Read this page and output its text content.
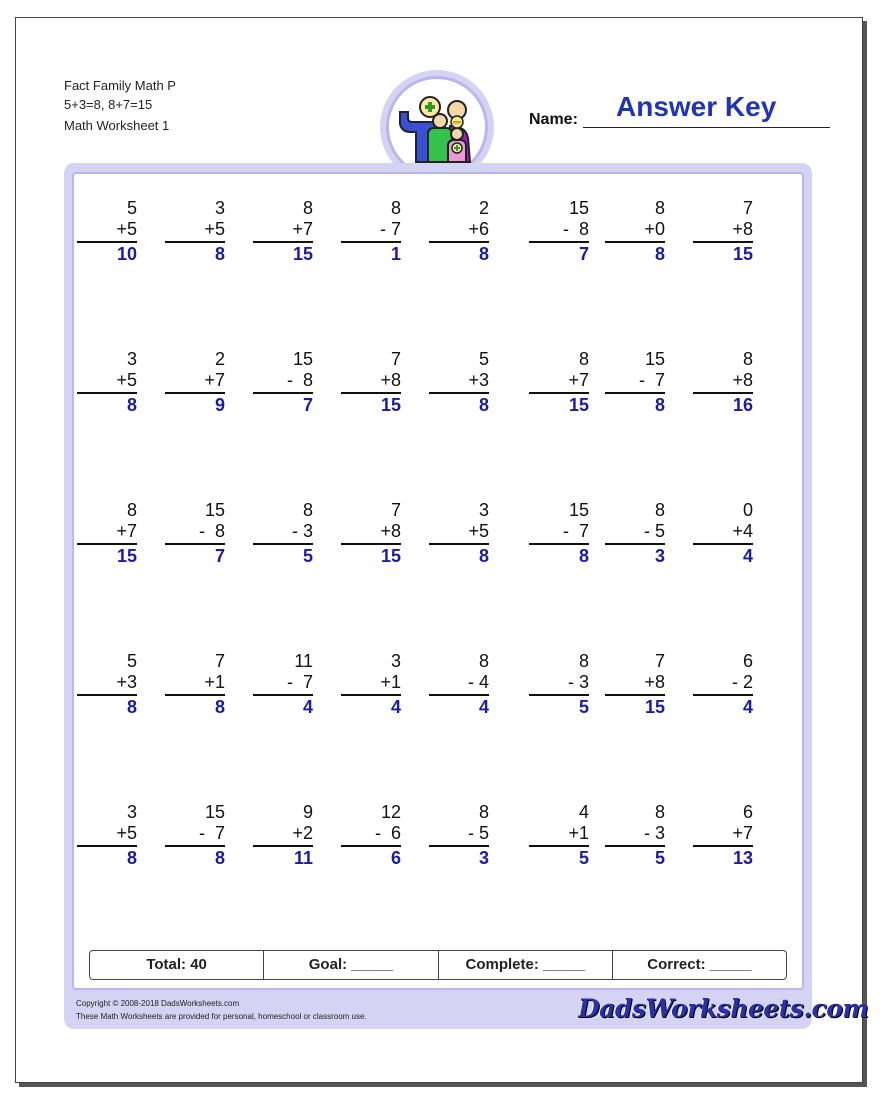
Fact Family Math P
5+3=8, 8+7=15
Math Worksheet 1	Name: Answer Key
5
+5
10
3
+5
8
8
+7
15
8
- 7
1
2
+6
8
15
-  8
7
8
+0
8
7
+8
15
3
+5
8
2
+7
9
15
-  8
7
7
+8
15
5
+3
8
8
+7
15
15
-  7
8
8
+8
16
8
+7
15
15
-  8
7
8
- 3
5
7
+8
15
3
+5
8
15
-  7
8
8
- 5
3
0
+4
4
5
+3
8
7
+1
8
11
-  7
4
3
+1
4
8
- 4
4
8
- 3
5
7
+8
15
6
- 2
4
3
+5
8
15
-  7
8
9
+2
11
12
-  6
6
8
- 5
3
4
+1
5
8
- 3
5
6
+7
13
Total: 40	Goal: _____	Complete: _____	Correct: _____
Copyright © 2008-2018 DadsWorksheets.com
These Math Worksheets are provided for personal, homeschool or classroom use.	DadsWorksheets.com
